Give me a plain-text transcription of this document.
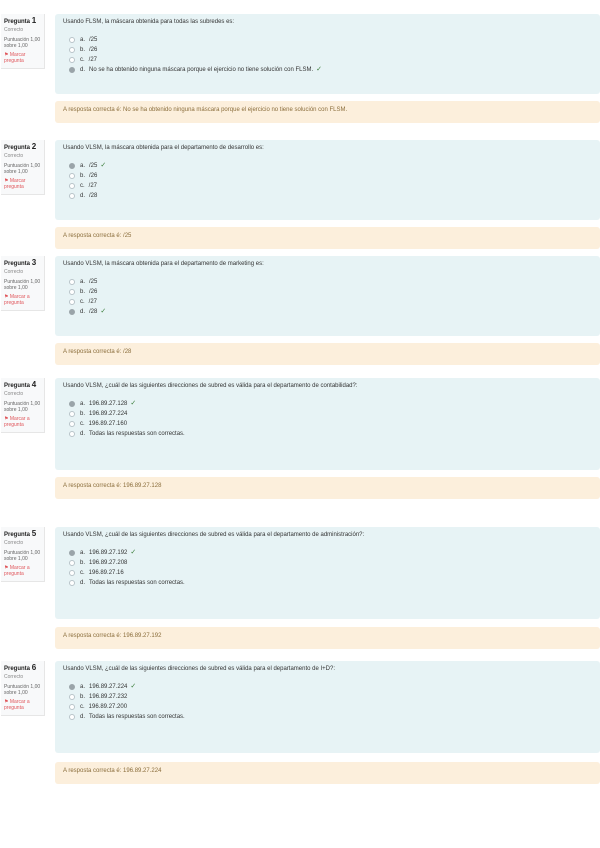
Pregunta 1
Correcto
Puntuación 1,00 sobre 1,00
⚑ Marcar pregunta
Usando FLSM, la máscara obtenida para todas las subredes es:
a. /25
b. /26
c. /27
d. No se ha obtenido ninguna máscara porque el ejercicio no tiene solución con FLSM. ✓
A resposta correcta é: No se ha obtenido ninguna máscara porque el ejercicio no tiene solución con FLSM.
Pregunta 2
Correcto
Puntuación 1,00 sobre 1,00
⚑ Marcar pregunta
Usando VLSM, la máscara obtenida para el departamento de desarrollo es:
a. /25 ✓
b. /26
c. /27
d. /28
A resposta correcta é: /25
Pregunta 3
Correcto
Puntuación 1,00 sobre 1,00
⚑ Marcar a pregunta
Usando VLSM, la máscara obtenida para el departamento de marketing es:
a. /25
b. /26
c. /27
d. /28 ✓
A resposta correcta é: /28
Pregunta 4
Correcto
Puntuación 1,00 sobre 1,00
⚑ Marcar a pregunta
Usando VLSM, ¿cuál de las siguientes direcciones de subred es válida para el departamento de contabilidad?:
a. 196.89.27.128 ✓
b. 196.89.27.224
c. 196.89.27.160
d. Todas las respuestas son correctas.
A resposta correcta é: 196.89.27.128
Pregunta 5
Correcto
Puntuación 1,00 sobre 1,00
⚑ Marcar a pregunta
Usando VLSM, ¿cuál de las siguientes direcciones de subred es válida para el departamento de administración?:
a. 196.89.27.192 ✓
b. 196.89.27.208
c. 196.89.27.16
d. Todas las respuestas son correctas.
A resposta correcta é: 196.89.27.192
Pregunta 6
Correcto
Puntuación 1,00 sobre 1,00
⚑ Marcar a pregunta
Usando VLSM, ¿cuál de las siguientes direcciones de subred es válida para el departamento de I+D?:
a. 196.89.27.224 ✓
b. 196.89.27.232
c. 196.89.27.200
d. Todas las respuestas son correctas.
A resposta correcta é: 196.89.27.224
